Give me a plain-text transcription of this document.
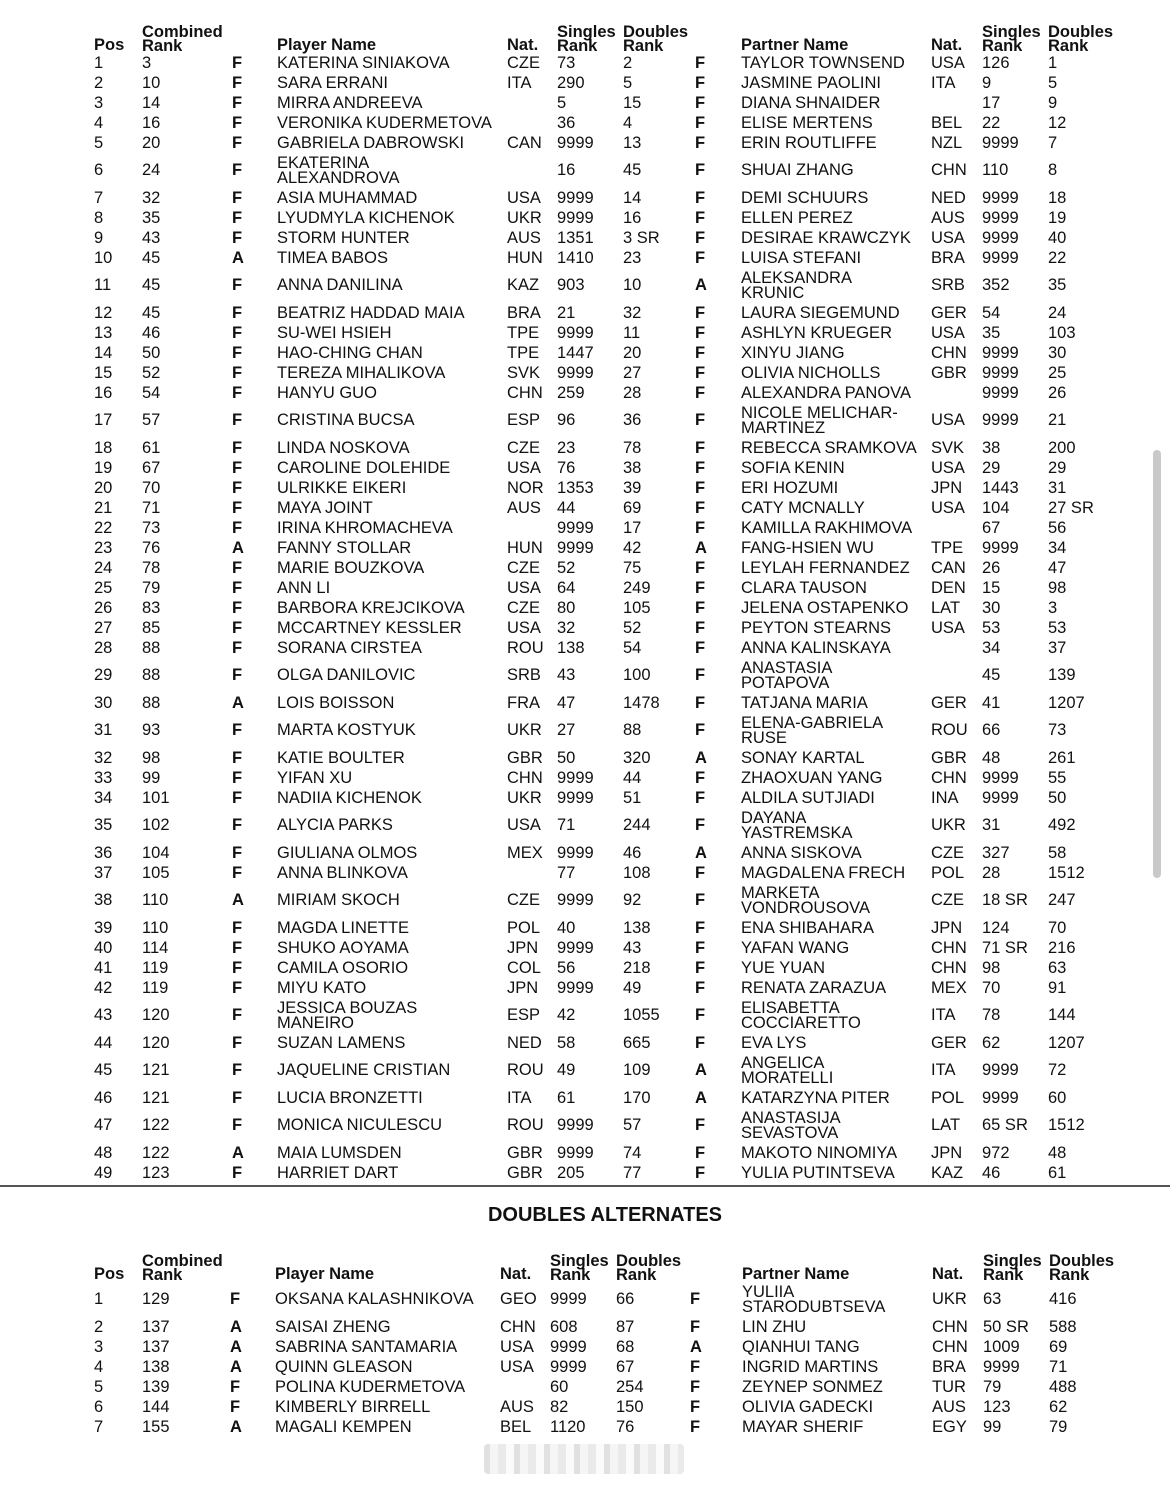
Pos	Combined
Rank		Player Name	Nat.	Singles
Rank	Doubles
Rank		Partner Name	Nat.	Singles
Rank	Doubles
Rank

1	3	F	KATERINA SINIAKOVA	CZE	73	2	F	TAYLOR TOWNSEND	USA	126	1
2	10	F	SARA ERRANI	ITA	290	5	F	JASMINE PAOLINI	ITA	9	5
3	14	F	MIRRA ANDREEVA		5	15	F	DIANA SHNAIDER		17	9
4	16	F	VERONIKA KUDERMETOVA		36	4	F	ELISE MERTENS	BEL	22	12
5	20	F	GABRIELA DABROWSKI	CAN	9999	13	F	ERIN ROUTLIFFE	NZL	9999	7
6	24	F	EKATERINA
ALEXANDROVA		16	45	F	SHUAI ZHANG	CHN	110	8
7	32	F	ASIA MUHAMMAD	USA	9999	14	F	DEMI SCHUURS	NED	9999	18
8	35	F	LYUDMYLA KICHENOK	UKR	9999	16	F	ELLEN PEREZ	AUS	9999	19
9	43	F	STORM HUNTER	AUS	1351	3 SR	F	DESIRAE KRAWCZYK	USA	9999	40
10	45	A	TIMEA BABOS	HUN	1410	23	F	LUISA STEFANI	BRA	9999	22
11	45	F	ANNA DANILINA	KAZ	903	10	A	ALEKSANDRA
KRUNIC	SRB	352	35
12	45	F	BEATRIZ HADDAD MAIA	BRA	21	32	F	LAURA SIEGEMUND	GER	54	24
13	46	F	SU-WEI HSIEH	TPE	9999	11	F	ASHLYN KRUEGER	USA	35	103
14	50	F	HAO-CHING CHAN	TPE	1447	20	F	XINYU JIANG	CHN	9999	30
15	52	F	TEREZA MIHALIKOVA	SVK	9999	27	F	OLIVIA NICHOLLS	GBR	9999	25
16	54	F	HANYU GUO	CHN	259	28	F	ALEXANDRA PANOVA		9999	26
17	57	F	CRISTINA BUCSA	ESP	96	36	F	NICOLE MELICHAR-
MARTINEZ	USA	9999	21
18	61	F	LINDA NOSKOVA	CZE	23	78	F	REBECCA SRAMKOVA	SVK	38	200
19	67	F	CAROLINE DOLEHIDE	USA	76	38	F	SOFIA KENIN	USA	29	29
20	70	F	ULRIKKE EIKERI	NOR	1353	39	F	ERI HOZUMI	JPN	1443	31
21	71	F	MAYA JOINT	AUS	44	69	F	CATY MCNALLY	USA	104	27 SR
22	73	F	IRINA KHROMACHEVA		9999	17	F	KAMILLA RAKHIMOVA		67	56
23	76	A	FANNY STOLLAR	HUN	9999	42	A	FANG-HSIEN WU	TPE	9999	34
24	78	F	MARIE BOUZKOVA	CZE	52	75	F	LEYLAH FERNANDEZ	CAN	26	47
25	79	F	ANN LI	USA	64	249	F	CLARA TAUSON	DEN	15	98
26	83	F	BARBORA KREJCIKOVA	CZE	80	105	F	JELENA OSTAPENKO	LAT	30	3
27	85	F	MCCARTNEY KESSLER	USA	32	52	F	PEYTON STEARNS	USA	53	53
28	88	F	SORANA CIRSTEA	ROU	138	54	F	ANNA KALINSKAYA		34	37
29	88	F	OLGA DANILOVIC	SRB	43	100	F	ANASTASIA
POTAPOVA		45	139
30	88	A	LOIS BOISSON	FRA	47	1478	F	TATJANA MARIA	GER	41	1207
31	93	F	MARTA KOSTYUK	UKR	27	88	F	ELENA-GABRIELA
RUSE	ROU	66	73
32	98	F	KATIE BOULTER	GBR	50	320	A	SONAY KARTAL	GBR	48	261
33	99	F	YIFAN XU	CHN	9999	44	F	ZHAOXUAN YANG	CHN	9999	55
34	101	F	NADIIA KICHENOK	UKR	9999	51	F	ALDILA SUTJIADI	INA	9999	50
35	102	F	ALYCIA PARKS	USA	71	244	F	DAYANA
YASTREMSKA	UKR	31	492
36	104	F	GIULIANA OLMOS	MEX	9999	46	A	ANNA SISKOVA	CZE	327	58
37	105	F	ANNA BLINKOVA		77	108	F	MAGDALENA FRECH	POL	28	1512
38	110	A	MIRIAM SKOCH	CZE	9999	92	F	MARKETA
VONDROUSOVA	CZE	18 SR	247
39	110	F	MAGDA LINETTE	POL	40	138	F	ENA SHIBAHARA	JPN	124	70
40	114	F	SHUKO AOYAMA	JPN	9999	43	F	YAFAN WANG	CHN	71 SR	216
41	119	F	CAMILA OSORIO	COL	56	218	F	YUE YUAN	CHN	98	63
42	119	F	MIYU KATO	JPN	9999	49	F	RENATA ZARAZUA	MEX	70	91
43	120	F	JESSICA BOUZAS
MANEIRO	ESP	42	1055	F	ELISABETTA
COCCIARETTO	ITA	78	144
44	120	F	SUZAN LAMENS	NED	58	665	F	EVA LYS	GER	62	1207
45	121	F	JAQUELINE CRISTIAN	ROU	49	109	A	ANGELICA
MORATELLI	ITA	9999	72
46	121	F	LUCIA BRONZETTI	ITA	61	170	A	KATARZYNA PITER	POL	9999	60
47	122	F	MONICA NICULESCU	ROU	9999	57	F	ANASTASIJA
SEVASTOVA	LAT	65 SR	1512
48	122	A	MAIA LUMSDEN	GBR	9999	74	F	MAKOTO NINOMIYA	JPN	972	48
49	123	F	HARRIET DART	GBR	205	77	F	YULIA PUTINTSEVA	KAZ	46	61
DOUBLES ALTERNATES
Pos	Combined
Rank		Player Name	Nat.	Singles
Rank	Doubles
Rank		Partner Name	Nat.	Singles
Rank	Doubles
Rank

1	129	F	OKSANA KALASHNIKOVA	GEO	9999	66	F	YULIIA
STARODUBTSEVA	UKR	63	416
2	137	A	SAISAI ZHENG	CHN	608	87	F	LIN ZHU	CHN	50 SR	588
3	137	A	SABRINA SANTAMARIA	USA	9999	68	A	QIANHUI TANG	CHN	1009	69
4	138	A	QUINN GLEASON	USA	9999	67	F	INGRID MARTINS	BRA	9999	71
5	139	F	POLINA KUDERMETOVA		60	254	F	ZEYNEP SONMEZ	TUR	79	488
6	144	F	KIMBERLY BIRRELL	AUS	82	150	F	OLIVIA GADECKI	AUS	123	62
7	155	A	MAGALI KEMPEN	BEL	1120	76	F	MAYAR SHERIF	EGY	99	79
